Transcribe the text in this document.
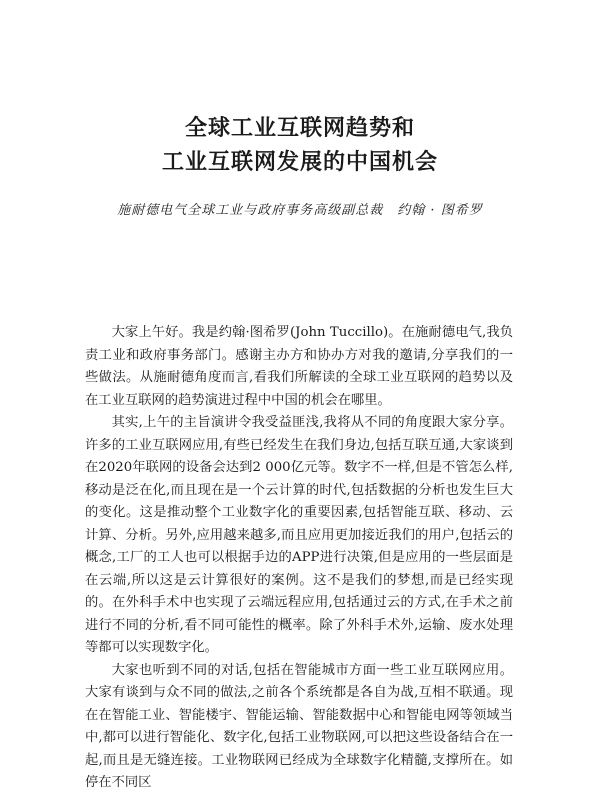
全球工业互联网趋势和
工业互联网发展的中国机会
施耐德电气全球工业与政府事务高级副总裁　约翰 · 图希罗

大家上午好。我是约翰·图希罗(John Tuccillo)。在施耐德电气,我负责工业和政府事务部门。感谢主办方和协办方对我的邀请,分享我们的一些做法。从施耐德角度而言,看我们所解读的全球工业互联网的趋势以及在工业互联网的趋势演进过程中中国的机会在哪里。

其实,上午的主旨演讲令我受益匪浅,我将从不同的角度跟大家分享。许多的工业互联网应用,有些已经发生在我们身边,包括互联互通,大家谈到在2020年联网的设备会达到2 000亿元等。数字不一样,但是不管怎么样,移动是泛在化,而且现在是一个云计算的时代,包括数据的分析也发生巨大的变化。这是推动整个工业数字化的重要因素,包括智能互联、移动、云计算、分析。另外,应用越来越多,而且应用更加接近我们的用户,包括云的概念,工厂的工人也可以根据手边的APP进行决策,但是应用的一些层面是在云端,所以这是云计算很好的案例。这不是我们的梦想,而是已经实现的。在外科手术中也实现了云端远程应用,包括通过云的方式,在手术之前进行不同的分析,看不同可能性的概率。除了外科手术外,运输、废水处理等都可以实现数字化。

大家也听到不同的对话,包括在智能城市方面一些工业互联网应用。大家有谈到与众不同的做法,之前各个系统都是各自为战,互相不联通。现在在智能工业、智能楼宇、智能运输、智能数据中心和智能电网等领域当中,都可以进行智能化、数字化,包括工业物联网,可以把这些设备结合在一起,而且是无缝连接。工业物联网已经成为全球数字化精髓,支撑所在。如停在不同区
